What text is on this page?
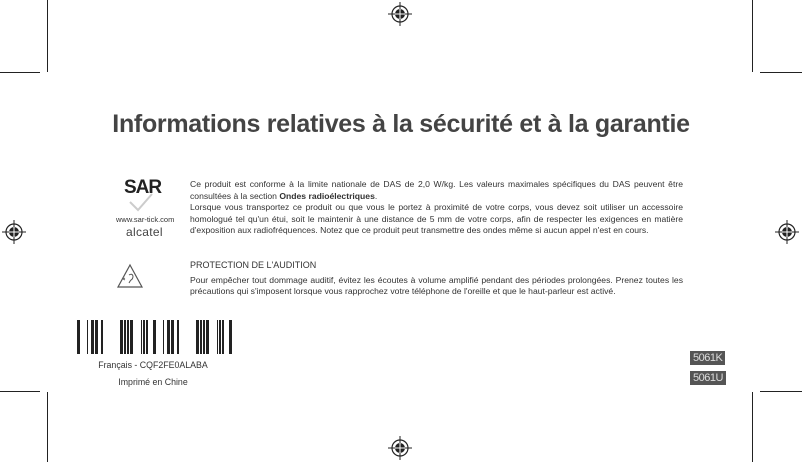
Informations relatives à la sécurité et à la garantie
SAR
www.sar-tick.com
alcatel

Ce produit est conforme à la limite nationale de DAS de 2,0 W/kg. Les valeurs maximales spécifiques du DAS peuvent être consultées à la section Ondes radioélectriques.

Lorsque vous transportez ce produit ou que vous le portez à proximité de votre corps, vous devez soit utiliser un accessoire homologué tel qu'un étui, soit le maintenir à une distance de 5 mm de votre corps, afin de respecter les exigences en matière d'exposition aux radiofréquences. Notez que ce produit peut transmettre des ondes même si aucun appel n'est en cours.

PROTECTION DE L'AUDITION

Pour empêcher tout dommage auditif, évitez les écoutes à volume amplifié pendant des périodes prolongées. Prenez toutes les précautions qui s'imposent lorsque vous rapprochez votre téléphone de l'oreille et que le haut-parleur est activé.

Français - CQF2FE0ALABA
Imprimé en Chine
5061K
5061U
